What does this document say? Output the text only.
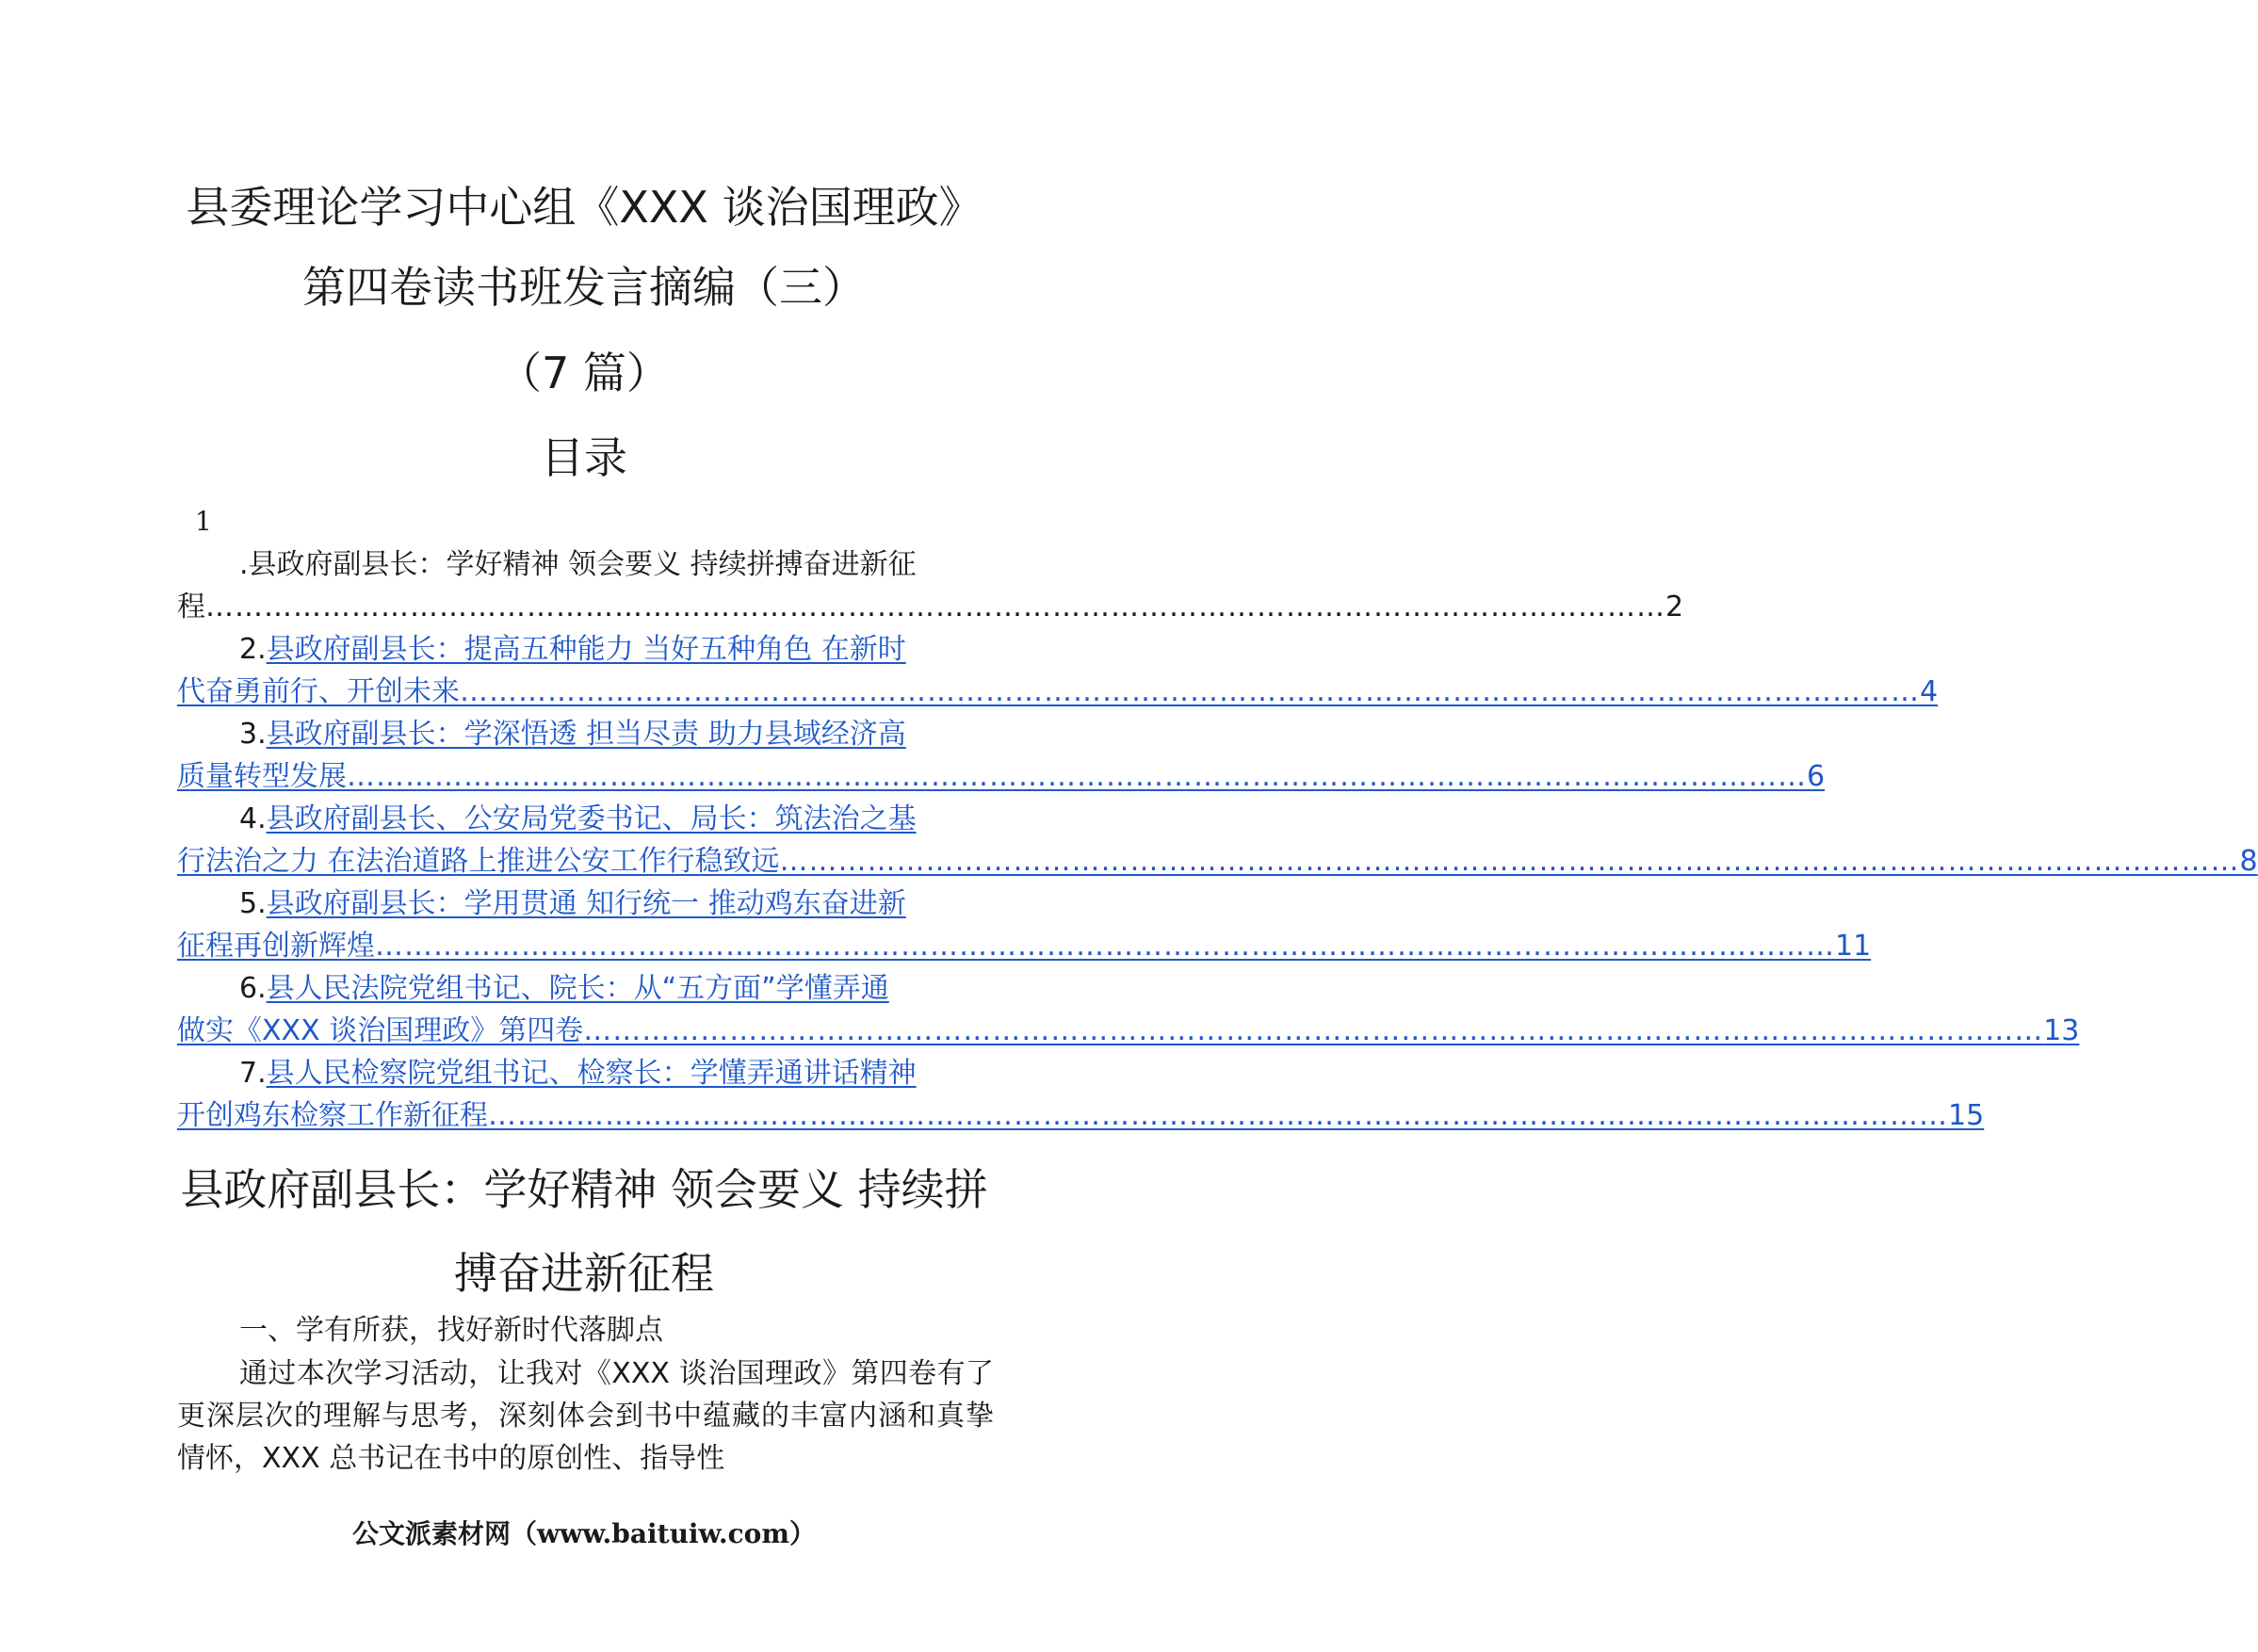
县委理论学习中心组《XXX 谈治国理政》
第四卷读书班发言摘编（三）
（7 篇）
目录
1
.县政府副县长：学好精神 领会要义 持续拼搏奋进新征
程 …………………………………………………………………………………………………………………………………… 2
2.县政府副县长：提高五种能力 当好五种角色 在新时
代奋勇前行、开创未来 …………………………………………………………………………………………………………………………………… 4
3.县政府副县长：学深悟透 担当尽责 助力县域经济高
质量转型发展 …………………………………………………………………………………………………………………………………… 6
4.县政府副县长、公安局党委书记、局长：筑法治之基
行法治之力 在法治道路上推进公安工作行稳致远 …………………………………………………………………………………………………………………………………… 8
5.县政府副县长：学用贯通 知行统一 推动鸡东奋进新
征程再创新辉煌 …………………………………………………………………………………………………………………………………… 11
6.县人民法院党组书记、院长：从“五方面”学懂弄通
做实《XXX 谈治国理政》第四卷 …………………………………………………………………………………………………………………………………… 13
7.县人民检察院党组书记、检察长：学懂弄通讲话精神
开创鸡东检察工作新征程 …………………………………………………………………………………………………………………………………… 15
县政府副县长：学好精神 领会要义 持续拼
搏奋进新征程
一、学有所获，找好新时代落脚点
通过本次学习活动，让我对《XXX 谈治国理政》第四卷有了更深层次的理解与思考，深刻体会到书中蕴藏的丰富内涵和真挚情怀，XXX 总书记在书中的原创性、指导性
公文派素材网（www.baituiw.com）
